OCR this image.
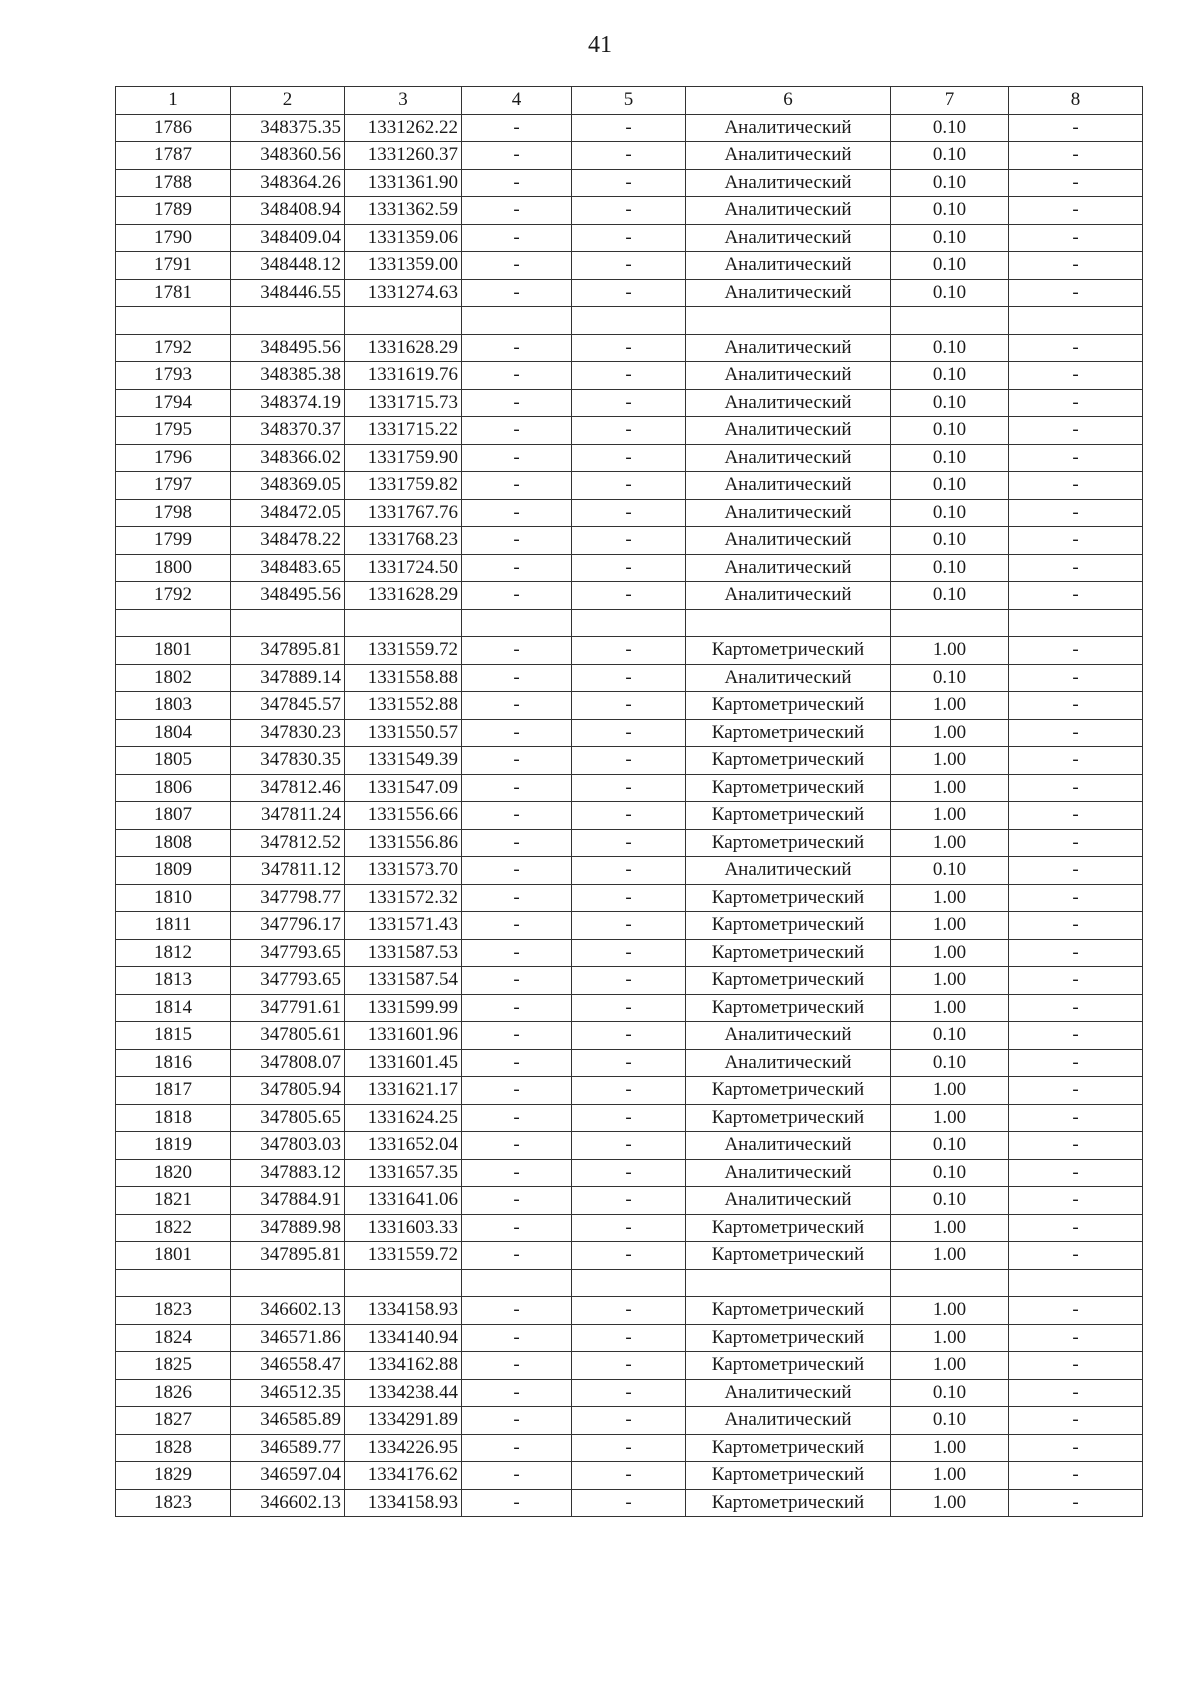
41
1	2	3	4	5	6	7	8
1786	348375.35	1331262.22	-	-	Аналитический	0.10	-
1787	348360.56	1331260.37	-	-	Аналитический	0.10	-
1788	348364.26	1331361.90	-	-	Аналитический	0.10	-
1789	348408.94	1331362.59	-	-	Аналитический	0.10	-
1790	348409.04	1331359.06	-	-	Аналитический	0.10	-
1791	348448.12	1331359.00	-	-	Аналитический	0.10	-
1781	348446.55	1331274.63	-	-	Аналитический	0.10	-

1792	348495.56	1331628.29	-	-	Аналитический	0.10	-
1793	348385.38	1331619.76	-	-	Аналитический	0.10	-
1794	348374.19	1331715.73	-	-	Аналитический	0.10	-
1795	348370.37	1331715.22	-	-	Аналитический	0.10	-
1796	348366.02	1331759.90	-	-	Аналитический	0.10	-
1797	348369.05	1331759.82	-	-	Аналитический	0.10	-
1798	348472.05	1331767.76	-	-	Аналитический	0.10	-
1799	348478.22	1331768.23	-	-	Аналитический	0.10	-
1800	348483.65	1331724.50	-	-	Аналитический	0.10	-
1792	348495.56	1331628.29	-	-	Аналитический	0.10	-

1801	347895.81	1331559.72	-	-	Картометрический	1.00	-
1802	347889.14	1331558.88	-	-	Аналитический	0.10	-
1803	347845.57	1331552.88	-	-	Картометрический	1.00	-
1804	347830.23	1331550.57	-	-	Картометрический	1.00	-
1805	347830.35	1331549.39	-	-	Картометрический	1.00	-
1806	347812.46	1331547.09	-	-	Картометрический	1.00	-
1807	347811.24	1331556.66	-	-	Картометрический	1.00	-
1808	347812.52	1331556.86	-	-	Картометрический	1.00	-
1809	347811.12	1331573.70	-	-	Аналитический	0.10	-
1810	347798.77	1331572.32	-	-	Картометрический	1.00	-
1811	347796.17	1331571.43	-	-	Картометрический	1.00	-
1812	347793.65	1331587.53	-	-	Картометрический	1.00	-
1813	347793.65	1331587.54	-	-	Картометрический	1.00	-
1814	347791.61	1331599.99	-	-	Картометрический	1.00	-
1815	347805.61	1331601.96	-	-	Аналитический	0.10	-
1816	347808.07	1331601.45	-	-	Аналитический	0.10	-
1817	347805.94	1331621.17	-	-	Картометрический	1.00	-
1818	347805.65	1331624.25	-	-	Картометрический	1.00	-
1819	347803.03	1331652.04	-	-	Аналитический	0.10	-
1820	347883.12	1331657.35	-	-	Аналитический	0.10	-
1821	347884.91	1331641.06	-	-	Аналитический	0.10	-
1822	347889.98	1331603.33	-	-	Картометрический	1.00	-
1801	347895.81	1331559.72	-	-	Картометрический	1.00	-

1823	346602.13	1334158.93	-	-	Картометрический	1.00	-
1824	346571.86	1334140.94	-	-	Картометрический	1.00	-
1825	346558.47	1334162.88	-	-	Картометрический	1.00	-
1826	346512.35	1334238.44	-	-	Аналитический	0.10	-
1827	346585.89	1334291.89	-	-	Аналитический	0.10	-
1828	346589.77	1334226.95	-	-	Картометрический	1.00	-
1829	346597.04	1334176.62	-	-	Картометрический	1.00	-
1823	346602.13	1334158.93	-	-	Картометрический	1.00	-
